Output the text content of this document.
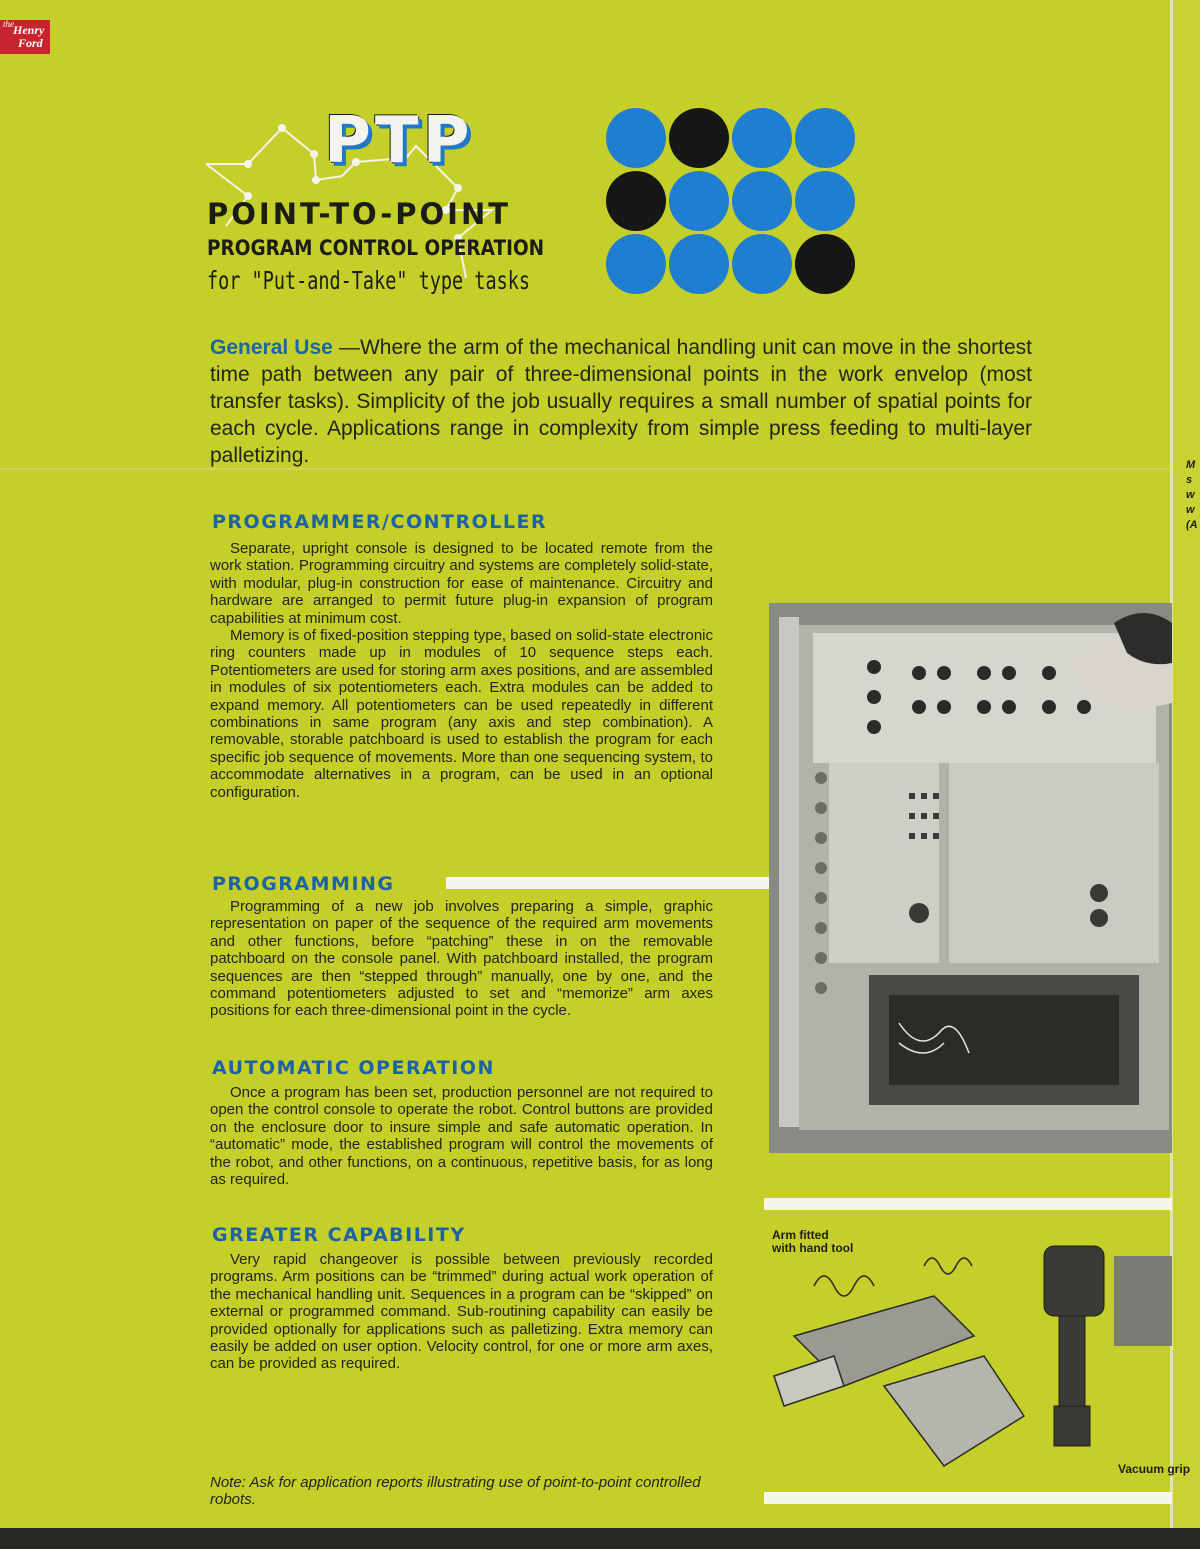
the Henry
Ford
PTP
POINT-TO-POINT
PROGRAM CONTROL OPERATION
for "Put-and-Take" type tasks
General Use —Where the arm of the mechanical handling unit can move in the shortest time path between any pair of three-dimensional points in the work envelop (most transfer tasks). Simplicity of the job usually requires a small number of spatial points for each cycle. Applications range in complexity from simple press feeding to multi-layer palletizing.
PROGRAMMER/CONTROLLER

Separate, upright console is designed to be located remote from the work station. Programming circuitry and systems are completely solid-state, with modular, plug-in construction for ease of maintenance. Circuitry and hardware are arranged to permit future plug-in expansion of program capabilities at minimum cost.

Memory is of fixed-position stepping type, based on solid-state electronic ring counters made up in modules of 10 sequence steps each. Potentiometers are used for storing arm axes positions, and are assembled in modules of six potentiometers each. Extra modules can be added to expand memory. All potentiometers can be used repeatedly in different combinations in same program (any axis and step combination). A removable, storable patchboard is used to establish the program for each specific job sequence of movements. More than one sequencing system, to accommodate alternatives in a program, can be used in an optional configuration.

PROGRAMMING

Programming of a new job involves preparing a simple, graphic representation on paper of the sequence of the required arm movements and other functions, before “patching” these in on the removable patchboard on the console panel. With patchboard installed, the program sequences are then “stepped through” manually, one by one, and the command potentiometers adjusted to set and “memorize” arm axes positions for each three-dimensional point in the cycle.

AUTOMATIC OPERATION

Once a program has been set, production personnel are not required to open the control console to operate the robot. Control buttons are provided on the enclosure door to insure simple and safe automatic operation. In “automatic” mode, the established program will control the movements of the robot, and other functions, on a continuous, repetitive basis, for as long as required.

GREATER CAPABILITY

Very rapid changeover is possible between previously recorded programs. Arm positions can be “trimmed” during actual work operation of the mechanical handling unit. Sequences in a program can be “skipped” on external or programmed command. Sub-routining capability can easily be provided optionally for applications such as palletizing. Extra memory can easily be added on user option. Velocity control, for one or more arm axes, can be provided as required.

Note: Ask for application reports illustrating use of point-to-point controlled robots.
Arm fitted
with hand tool
Vacuum grip
M
s
w
w
(A
